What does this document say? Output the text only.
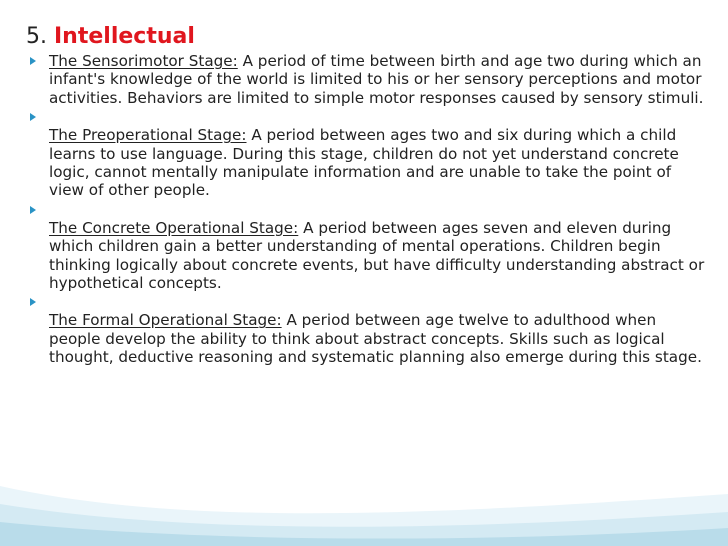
5. Intellectual
The Sensorimotor Stage: A period of time between birth and age two during which an infant's knowledge of the world is limited to his or her sensory perceptions and motor activities. Behaviors are limited to simple motor responses caused by sensory stimuli.
The Preoperational Stage: A period between ages two and six during which a child learns to use language. During this stage, children do not yet understand concrete logic, cannot mentally manipulate information and are unable to take the point of view of other people.
The Concrete Operational Stage: A period between ages seven and eleven during which children gain a better understanding of mental operations. Children begin thinking logically about concrete events, but have difficulty understanding abstract or hypothetical concepts.
The Formal Operational Stage: A period between age twelve to adulthood when people develop the ability to think about abstract concepts. Skills such as logical thought, deductive reasoning and systematic planning also emerge during this stage.
